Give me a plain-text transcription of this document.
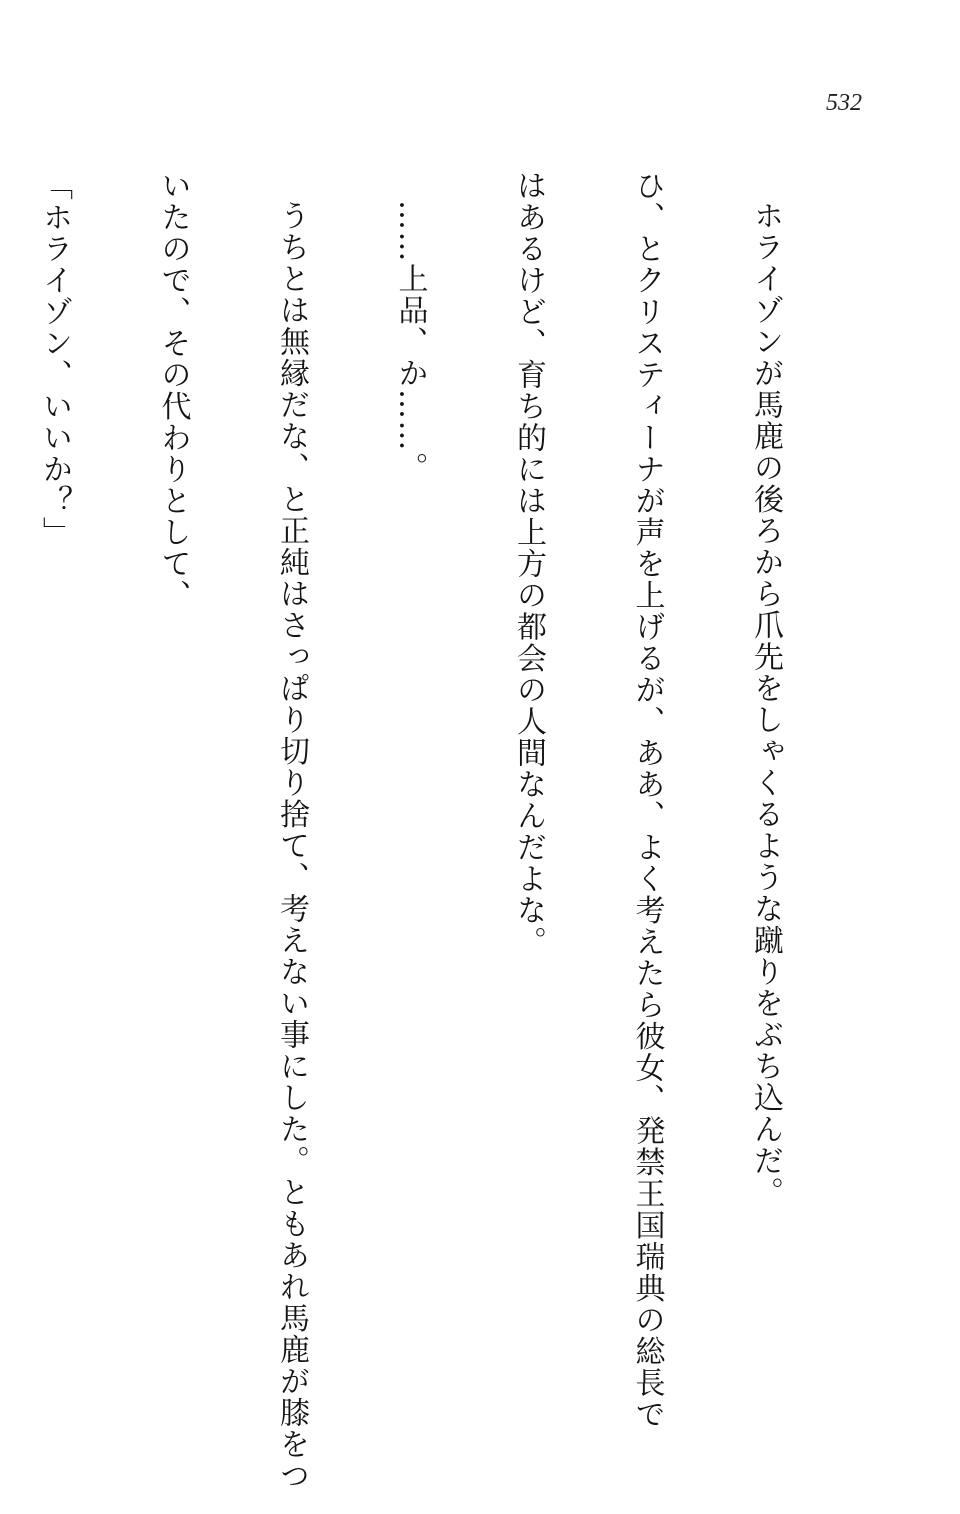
532

ホライゾンが馬鹿の後ろから爪先をしゃくるような蹴りをぶち込んだ。

ひ、とクリスティーナが声を上げるが、ああ、よく考えたら彼女、発禁王国瑞典の総長で

はあるけど、育ち的には上方の都会の人間なんだよな。

……上品、か……。

うちとは無縁だな、と正純はさっぱり切り捨て、考えない事にした。ともあれ馬鹿が膝をつ

いたので、その代わりとして、

「ホライゾン、いいか？」
